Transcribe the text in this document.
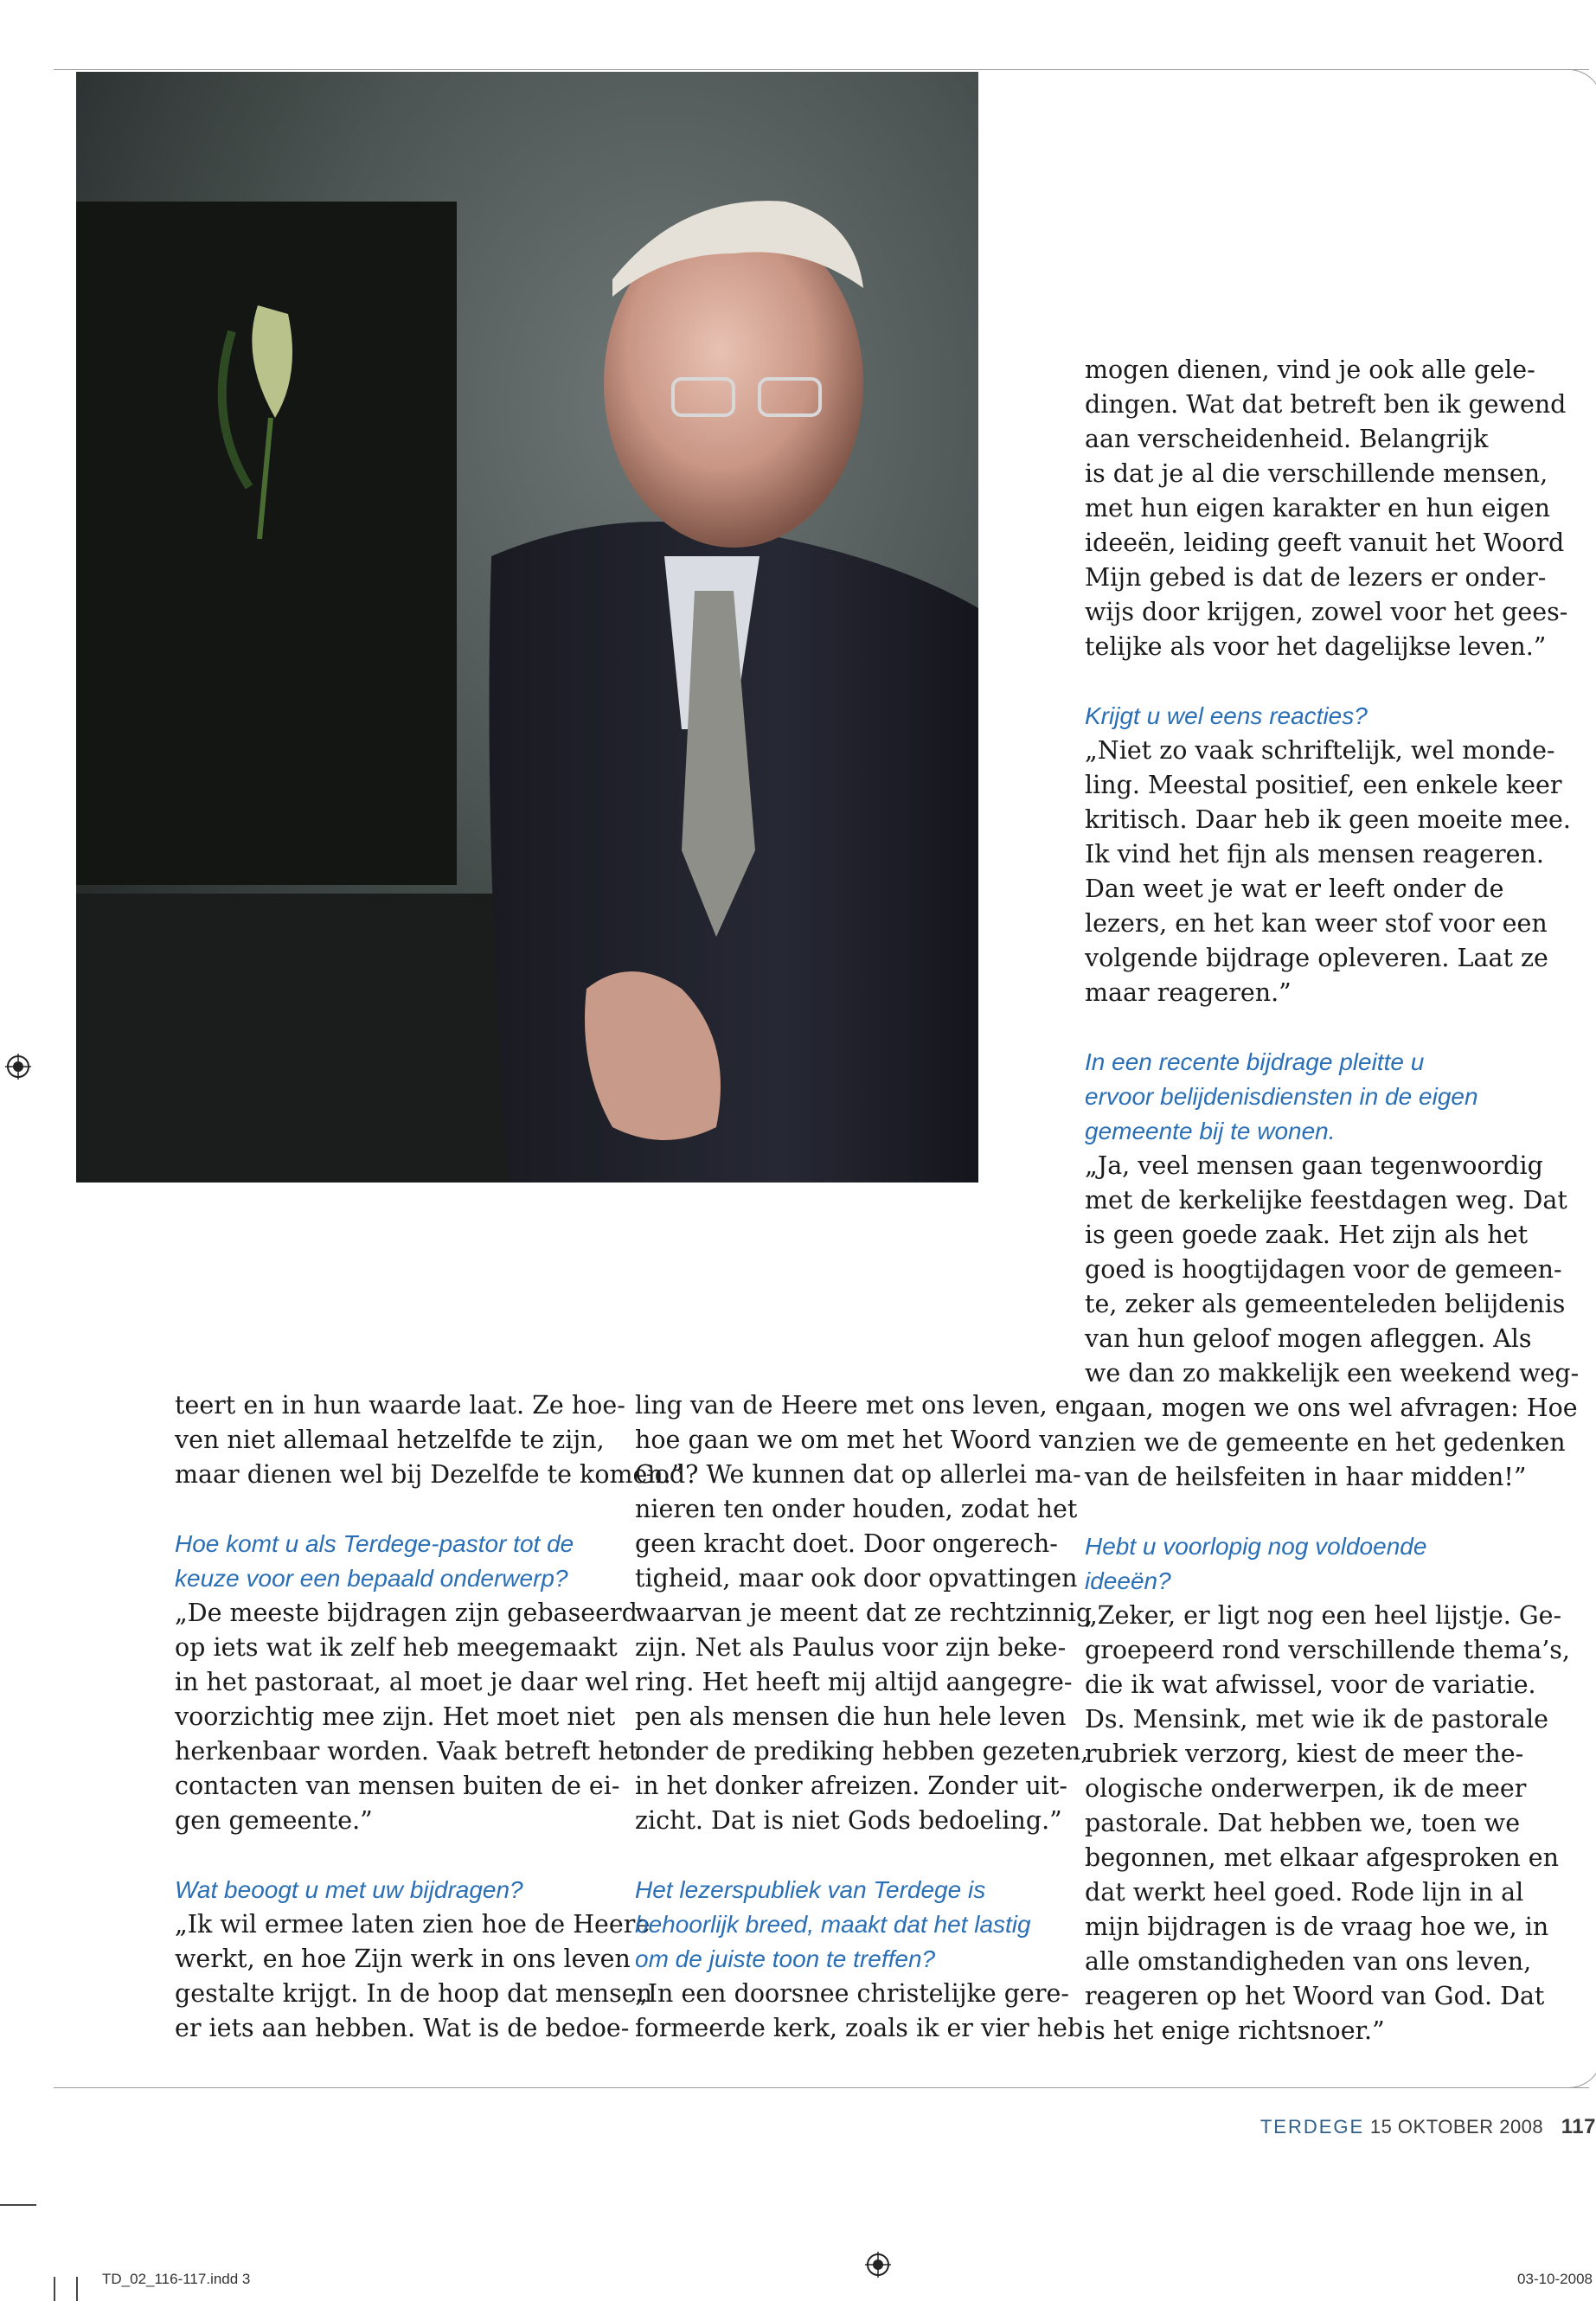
teert en in hun waarde laat. Ze hoe-
ven niet allemaal hetzelfde te zijn,
maar dienen wel bij Dezelfde te komen.”

Hoe komt u als Terdege-pastor tot de
keuze voor een bepaald onderwerp?

„De meeste bijdragen zijn gebaseerd
op iets wat ik zelf heb meegemaakt
in het pastoraat, al moet je daar wel
voorzichtig mee zijn. Het moet niet
herkenbaar worden. Vaak betreft het
contacten van mensen buiten de ei-
gen gemeente.”

Wat beoogt u met uw bijdragen?

„Ik wil ermee laten zien hoe de Heere
werkt, en hoe Zijn werk in ons leven
gestalte krijgt. In de hoop dat mensen
er iets aan hebben. Wat is de bedoe-

ling van de Heere met ons leven, en
hoe gaan we om met het Woord van
God? We kunnen dat op allerlei ma-
nieren ten onder houden, zodat het
geen kracht doet. Door ongerech-
tigheid, maar ook door opvattingen
waarvan je meent dat ze rechtzinnig
zijn. Net als Paulus voor zijn beke-
ring. Het heeft mij altijd aangegre-
pen als mensen die hun hele leven
onder de prediking hebben gezeten,
in het donker afreizen. Zonder uit-
zicht. Dat is niet Gods bedoeling.”

Het lezerspubliek van Terdege is
behoorlijk breed, maakt dat het lastig
om de juiste toon te treffen?

„In een doorsnee christelijke gere-
formeerde kerk, zoals ik er vier heb

mogen dienen, vind je ook alle gele-
dingen. Wat dat betreft ben ik gewend
aan verscheidenheid. Belangrijk
is dat je al die verschillende mensen,
met hun eigen karakter en hun eigen
ideeën, leiding geeft vanuit het Woord
Mijn gebed is dat de lezers er onder-
wijs door krijgen, zowel voor het gees-
telijke als voor het dagelijkse leven.”

Krijgt u wel eens reacties?

„Niet zo vaak schriftelijk, wel monde-
ling. Meestal positief, een enkele keer
kritisch. Daar heb ik geen moeite mee.
Ik vind het fijn als mensen reageren.
Dan weet je wat er leeft onder de
lezers, en het kan weer stof voor een
volgende bijdrage opleveren. Laat ze
maar reageren.”

In een recente bijdrage pleitte u
ervoor belijdenisdiensten in de eigen
gemeente bij te wonen.

„Ja, veel mensen gaan tegenwoordig
met de kerkelijke feestdagen weg. Dat
is geen goede zaak. Het zijn als het
goed is hoogtijdagen voor de gemeen-
te, zeker als gemeenteleden belijdenis
van hun geloof mogen afleggen. Als
we dan zo makkelijk een weekend weg-
gaan, mogen we ons wel afvragen: Hoe
zien we de gemeente en het gedenken
van de heilsfeiten in haar midden!”

Hebt u voorlopig nog voldoende
ideeën?

„Zeker, er ligt nog een heel lijstje. Ge-
groepeerd rond verschillende thema’s,
die ik wat afwissel, voor de variatie.
Ds. Mensink, met wie ik de pastorale
rubriek verzorg, kiest de meer the-
ologische onderwerpen, ik de meer
pastorale. Dat hebben we, toen we
begonnen, met elkaar afgesproken en
dat werkt heel goed. Rode lijn in al
mijn bijdragen is de vraag hoe we, in
alle omstandigheden van ons leven,
reageren op het Woord van God. Dat
is het enige richtsnoer.”

TERDEGE 15 OKTOBER 2008 117
TD_02_116-117.indd 3	03-10-2008
